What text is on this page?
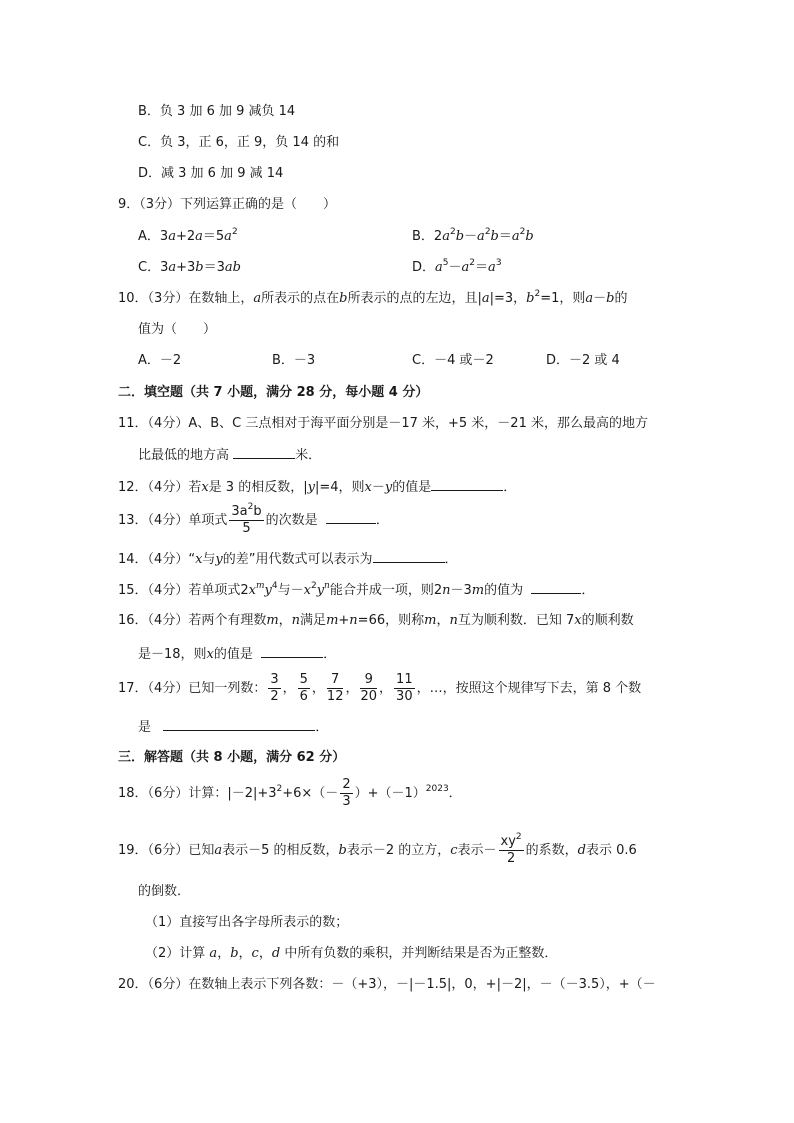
B．负 3 加 6 加 9 减负 14
C．负 3，正 6，正 9，负 14 的和
D．减 3 加 6 加 9 减 14
9．（3分）下列运算正确的是（　　）
A．$3a+2a=5a^2$	B．$2a^2b-a^2b=a^2b$
C．3a+3b＝3ab	D．$a^5-a^2=a^3$
10．（3分）在数轴上，a所表示的点在b所表示的点的左边，且|a|=3，$b^2=1$，则a－b的
值为（　　）
A．－2	B．－3	C．－4 或－2	D．－2 或 4
二．填空题（共 7 小题，满分 28 分，每小题 4 分）
11．（4分）A、B、C 三点相对于海平面分别是－17 米，+5 米，－21 米，那么最高的地方
比最低的地方高	米．
12．（4分）若x是 3 的相反数，|y|=4，则x－y的值是	．
13．（4分）单项式 $\frac{3a^2b}{5}$ 的次数是	．
14．（4分）“x与y的差”用代数式可以表示为	．
15．（4分）若单项式$2x^my^4$与$-x^2y^n$能合并成一项，则2n－3m的值为	．
16．（4分）若两个有理数m，n满足m+n=66，则称m，n互为顺利数．已知 7x的顺利数
是－18，则x的值是	．
17．（4分）已知一列数： $\frac{3}{2}$ ， $\frac{5}{6}$ ， $\frac{7}{12}$ ， $\frac{9}{20}$ ， $\frac{11}{30}$ ，…，按照这个规律写下去，第 8 个数
是	．
三．解答题（共 8 小题，满分 62 分）
18．（6分）计算：$|-2|+3^2+6\times(- \frac{2}{3} )+(-1)^{2023}$．
19．（6分）已知a表示－5 的相反数，b表示－2 的立方，c表示－ $\frac{xy^2}{2}$ 的系数，d表示 0.6
的倒数．
（1）直接写出各字母所表示的数；
（2）计算 a，b，c，d 中所有负数的乘积，并判断结果是否为正整数．
20．（6分）在数轴上表示下列各数：－（+3），－|－1.5|，0，+|－2|，－（－3.5），+（－
